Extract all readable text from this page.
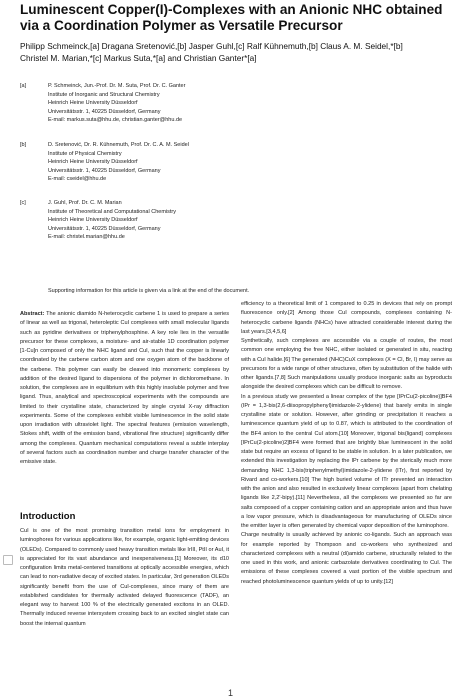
Luminescent Copper(I)-Complexes with an Anionic NHC obtained
via a Coordination Polymer as Versatile Precursor
Philipp Schmeinck,[a] Dragana Sretenović,[b] Jasper Guhl,[c] Ralf Kühnemuth,[b] Claus A. M. Seidel,*[b]
Christel M. Marian,*[c] Markus Suta,*[a] and Christian Ganter*[a]
[a]	P. Schmeinck, Jun.-Prof. Dr. M. Suta, Prof. Dr. C. Ganter
Institute of Inorganic and Structural Chemistry
Heinrich Heine University Düsseldorf
Universitätsstr. 1, 40225 Düsseldorf, Germany
E-mail: markus.suta@hhu.de, christian.ganter@hhu.de
[b]	D. Sretenović, Dr. R. Kühnemuth, Prof. Dr. C. A. M. Seidel
Institute of Physical Chemistry
Heinrich Heine University Düsseldorf
Universitätsstr. 1, 40225 Düsseldorf, Germany
E-mail: cseidel@hhu.de
[c]	J. Guhl, Prof. Dr. C. M. Marian
Institute of Theoretical and Computational Chemistry
Heinrich Heine University Düsseldorf
Universitätsstr. 1, 40225 Düsseldorf, Germany
E-mail: christel.marian@hhu.de
Supporting information for this article is given via a link at the end of the document.

Abstract: The anionic diamido N-heterocyclic carbene 1 is used to prepare a series of linear as well as trigonal, heteroleptic CuI complexes with small molecular ligands such as pyridine derivatives or triphenylphosphine. A key role lies in the versatile precursor for these complexes, a moisture- and air-stable 1D coordination polymer [1-Cu]n composed of only the NHC ligand and CuI, such that the copper is linearly coordinated by the carbene carbon atom and one oxygen atom of the backbone of the carbene. This polymer can easily be cleaved into monomeric complexes by addition of the desired ligand to dispersions of the polymer in dichloromethane. In solution, the complexes are in equilibrium with this highly insoluble polymer and free ligand. Thus, analytical and spectroscopical experiments with the compounds are limited to their crystalline state, characterized by single crystal X-ray diffraction experiments. Some of the complexes exhibit visible luminescence in the solid state upon irradiation with ultraviolet light. The spectral features (emission wavelength, Stokes shift, width of the emission band, vibrational fine structure) significantly differ among the complexes. Quantum mechanical computations reveal a subtle interplay of several factors such as coordination number and charge transfer character of the emissive state.

Introduction

CuI is one of the most promising transition metal ions for employment in luminophores for various applications like, for example, organic light-emitting devices (OLEDs). Compared to commonly used heavy transition metals like IrIII, PtII or AuI, it is appreciated for its vast abundance and inexpensiveness.[1] Moreover, its d10 configuration limits metal-centered transitions at optically accessible energies, which can lead to non-radiative decay of excited states. In particular, 3rd generation OLEDs significantly benefit from the use of CuI-complexes, since many of them are established candidates for thermally activated delayed fluorescence (TADF), an elegant way to harvest 100 % of the electrically generated excitons in an OLED. Thermally induced reverse intersystem crossing back to an excited singlet state can boost the internal quantum

efficiency to a theoretical limit of 1 compared to 0.25 in devices that rely on prompt fluorescence only.[2] Among those CuI compounds, complexes containing N-heterocyclic carbene ligands (NHCs) have attracted considerable interest during the last years.[3,4,5,6]

Synthetically, such complexes are accessible via a couple of routes, the most common one employing the free NHC, either isolated or generated in situ, reacting with a CuI halide.[6] The generated (NHC)CuX complexes (X = Cl, Br, I) may serve as precursors for a wide range of other structures, often by substitution of the halide with other ligands.[7,8] Such manipulations usually produce inorganic salts as byproducts alongside the desired complexes which can be difficult to remove.

In a previous study we presented a linear complex of the type [IPrCu(2-picoline)]BF4 (IPr = 1,3-bis(2,6-diisopropylphenyl)imidazole-2-ylidene) that barely emits in single crystalline state or solution. However, after grinding or precipitation it reaches a luminescence quantum yield of up to 0.87, which is attributed to the coordination of the BF4 anion to the central CuI atom.[10] Moreover, trigonal bis(ligand) complexes [IPrCu(2-picoline)2]BF4 were formed that are brightly blue luminescent in the solid state but require an excess of ligand to be stable in solution. In a later publication, we extended this investigation by replacing the IPr carbene by the sterically much more demanding NHC 1,3-bis(triphenylmethyl)imidazole-2-ylidene (ITr), first reported by Rivard and co-workers.[10] The high buried volume of ITr prevented an interaction with the anion and also resulted in exclusively linear complexes (apart from chelating ligands like 2,2'-bipy).[11] Nevertheless, all the complexes we presented so far are salts composed of a copper containing cation and an appropriate anion and thus have a low vapor pressure, which is disadvantageous for manufacturing of OLEDs since the emitter layer is often generated by chemical vapor deposition of the luminophore.

Charge neutrality is usually achieved by anionic co-ligands. Such an approach was for example reported by Thompson and co-workers who synthesized and characterized complexes with a neutral (di)amido carbene, structurally related to the one used in this work, and anionic carbazolate derivatives coordinating to CuI. The emissions of these complexes covered a vast portion of the visible spectrum and reached photoluminescence quantum yields of up to unity.[12]

1
